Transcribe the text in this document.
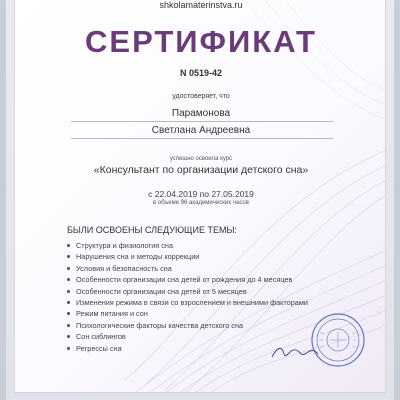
shkolamaterinstva.ru
СЕРТИФИКАТ
N 0519-42
удостоверяет, что
Парамонова
Светлана Андреевна
успешно освоила курс
«Консультант по организации детского сна»
с 22.04.2019 по 27.05.2019
в объеме 96 академических часов
БЫЛИ ОСВОЕНЫ СЛЕДУЮЩИЕ ТЕМЫ:
Структура и физиология сна
Нарушения сна и методы коррекции
Условия и безопасность сна
Особенности организации сна детей от рождения до 4 месяцев
Особенности организации сна детей от 5 месяцев
Изменения режима в связи со взрослением и внешними факторами
Режим питания и сон
Психологические факторы качества детского сна
Сон сиблингов
Регрессы сна
